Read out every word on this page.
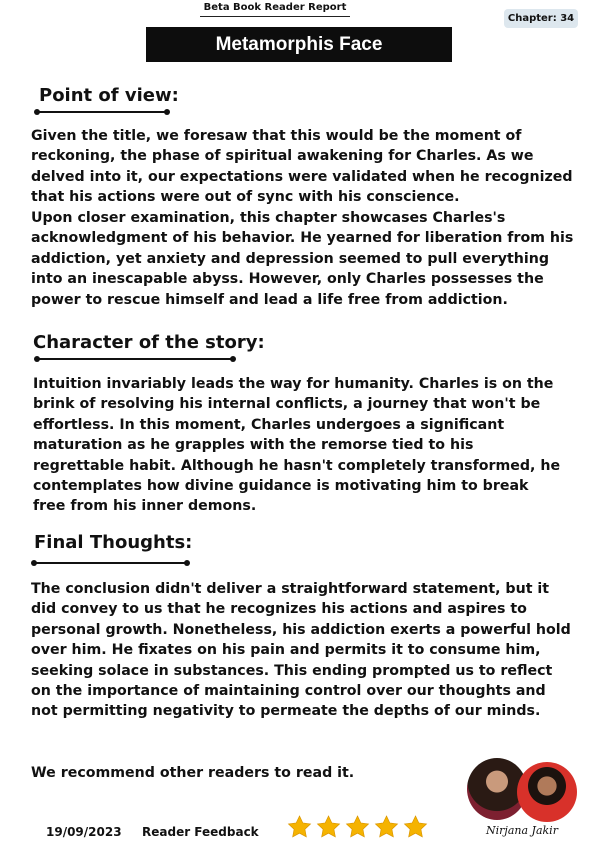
Beta Book Reader Report
Chapter: 34
Metamorphis Face
Point of view:

Given the title, we foresaw that this would be the moment of reckoning, the phase of spiritual awakening for Charles. As we delved into it, our expectations were validated when he recognized that his actions were out of sync with his conscience.

Upon closer examination, this chapter showcases Charles's acknowledgment of his behavior. He yearned for liberation from his addiction, yet anxiety and depression seemed to pull everything into an inescapable abyss. However, only Charles possesses the power to rescue himself and lead a life free from addiction.

Character of the story:

Intuition invariably leads the way for humanity. Charles is on the brink of resolving his internal conflicts, a journey that won't be effortless. In this moment, Charles undergoes a significant maturation as he grapples with the remorse tied to his regrettable habit. Although he hasn't completely transformed, he contemplates how divine guidance is motivating him to break free from his inner demons.

Final Thoughts:

The conclusion didn't deliver a straightforward statement, but it did convey to us that he recognizes his actions and aspires to personal growth. Nonetheless, his addiction exerts a powerful hold over him. He fixates on his pain and permits it to consume him, seeking solace in substances. This ending prompted us to reflect on the importance of maintaining control over our thoughts and not permitting negativity to permeate the depths of our minds.

We recommend other readers to read it.

19/09/2023 Reader Feedback	Nirjana Jakir
